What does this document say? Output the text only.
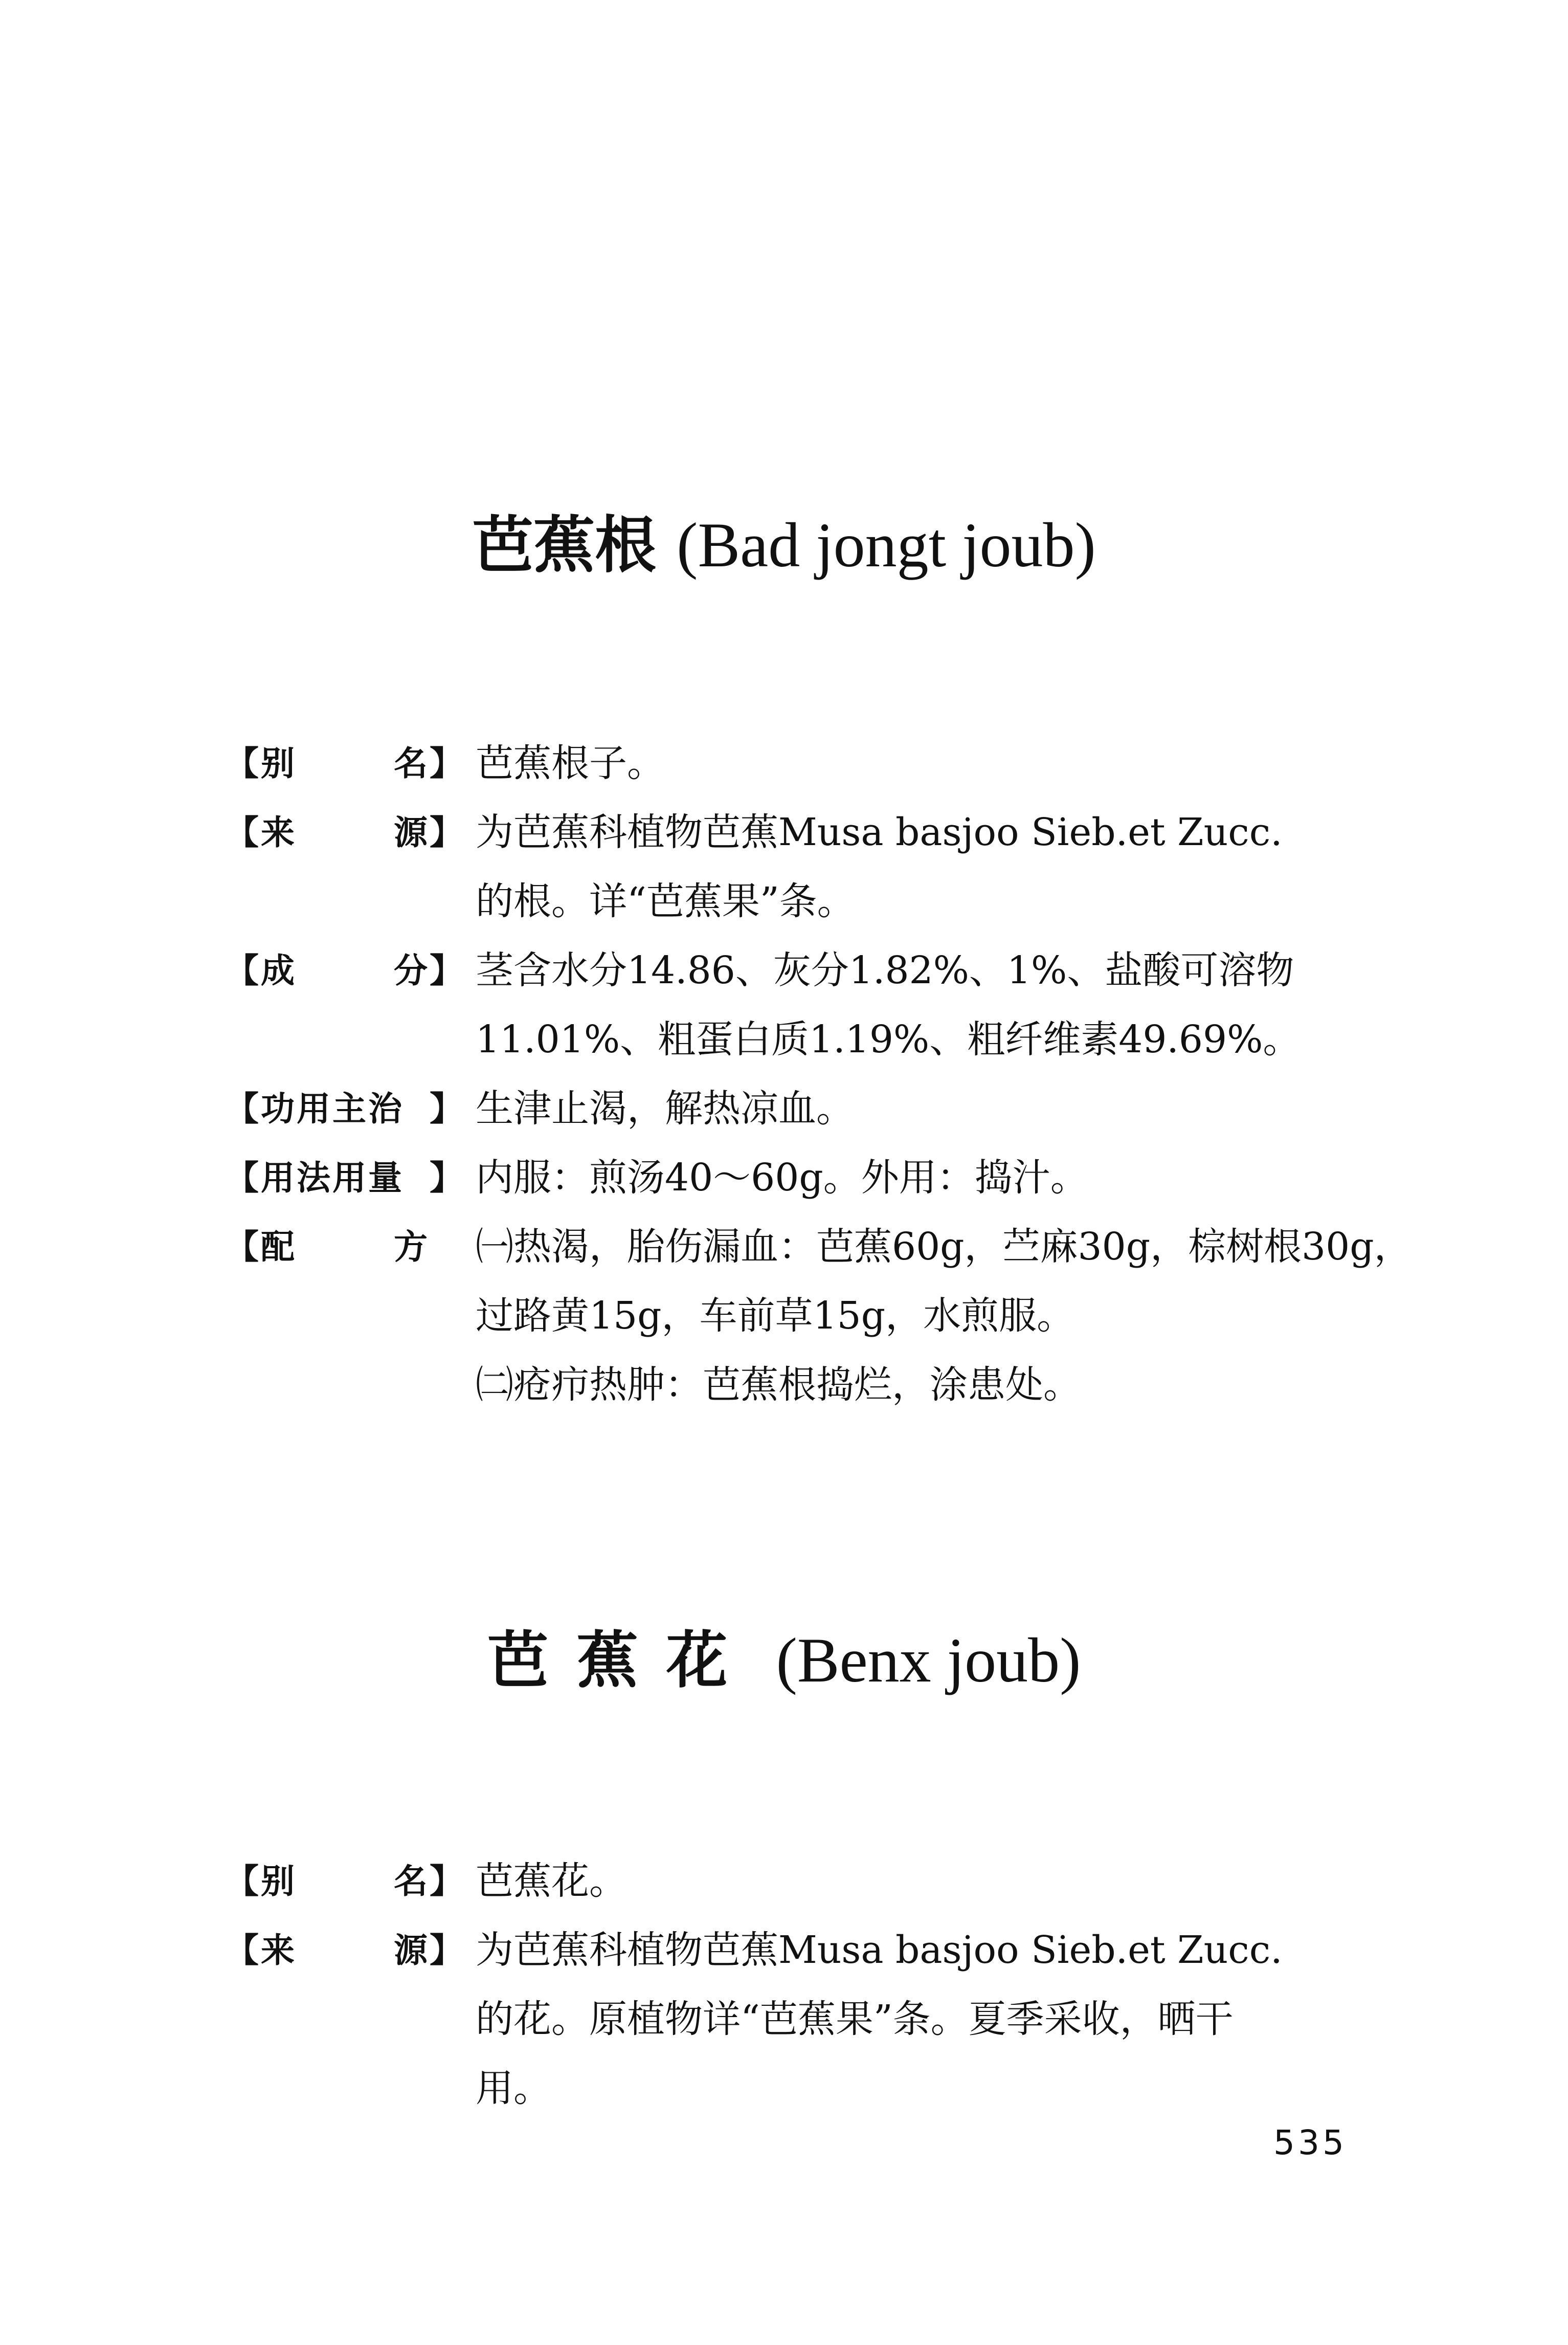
芭蕉根 (Bad jongt joub)
【 别	名 】 芭蕉根子。

【 来	源 】 为芭蕉科植物芭蕉Musa basjoo Sieb.et Zucc.

的根。详“芭蕉果”条。

【 成	分 】 茎含水分14.86、灰分1.82%、1%、盐酸可溶物

11.01%、粗蛋白质1.19%、粗纤维素49.69%。

【 功用主治 】 生津止渴，解热凉血。

【 用法用量 】 内服：煎汤40～60g。外用：捣汁。

【 配	方 ㈠热渴，胎伤漏血：芭蕉60g，苎麻30g，棕树根30g，

过路黄15g，车前草15g，水煎服。

㈡疮疖热肿：芭蕉根捣烂，涂患处。

芭蕉花 (Benx joub)
【 别	名 】 芭蕉花。

【 来	源 】 为芭蕉科植物芭蕉Musa basjoo Sieb.et Zucc.

的花。原植物详“芭蕉果”条。夏季采收，晒干

用。

535
